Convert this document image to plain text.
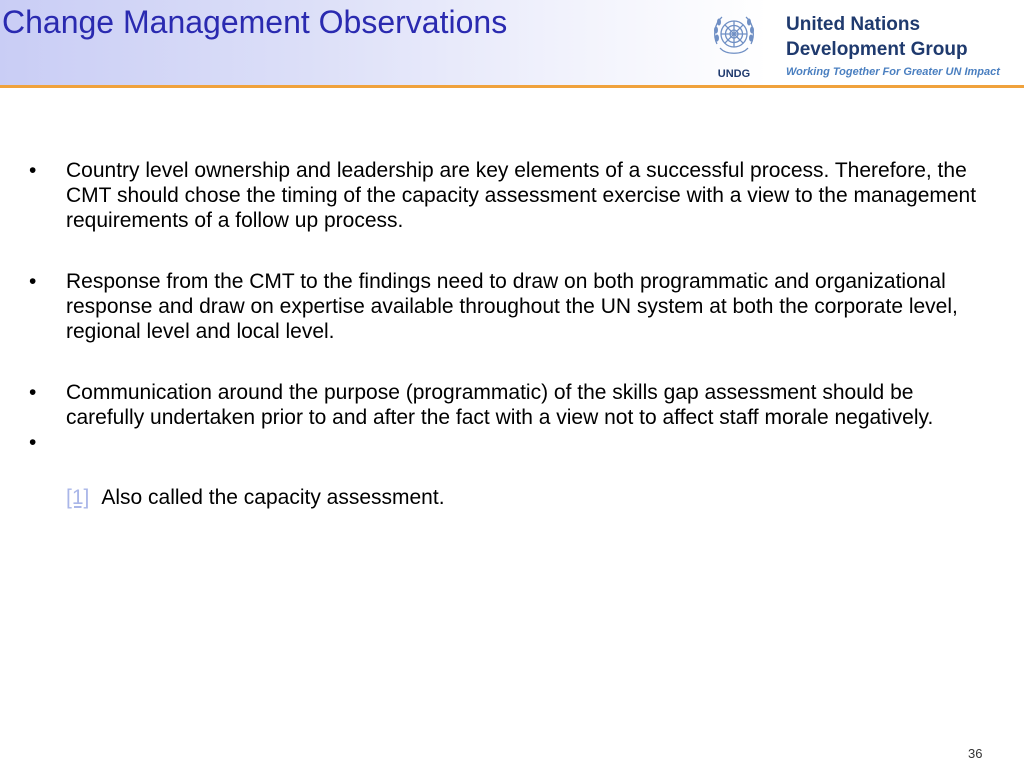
Change Management Observations
UNDG
United Nations
Development Group
Working Together For Greater UN Impact
• Country level ownership and leadership are key elements of a successful process. Therefore, the CMT should chose the timing of the capacity assessment exercise with a view to the management requirements of a follow up process.
• Response from the CMT to the findings need to draw on both programmatic and organizational response and draw on expertise available throughout the UN system at both the corporate level, regional level and local level.
• Communication around the purpose (programmatic) of the skills gap assessment should be carefully undertaken prior to and after the fact with a view not to affect staff morale negatively.
•
[1] Also called the capacity assessment.
36
